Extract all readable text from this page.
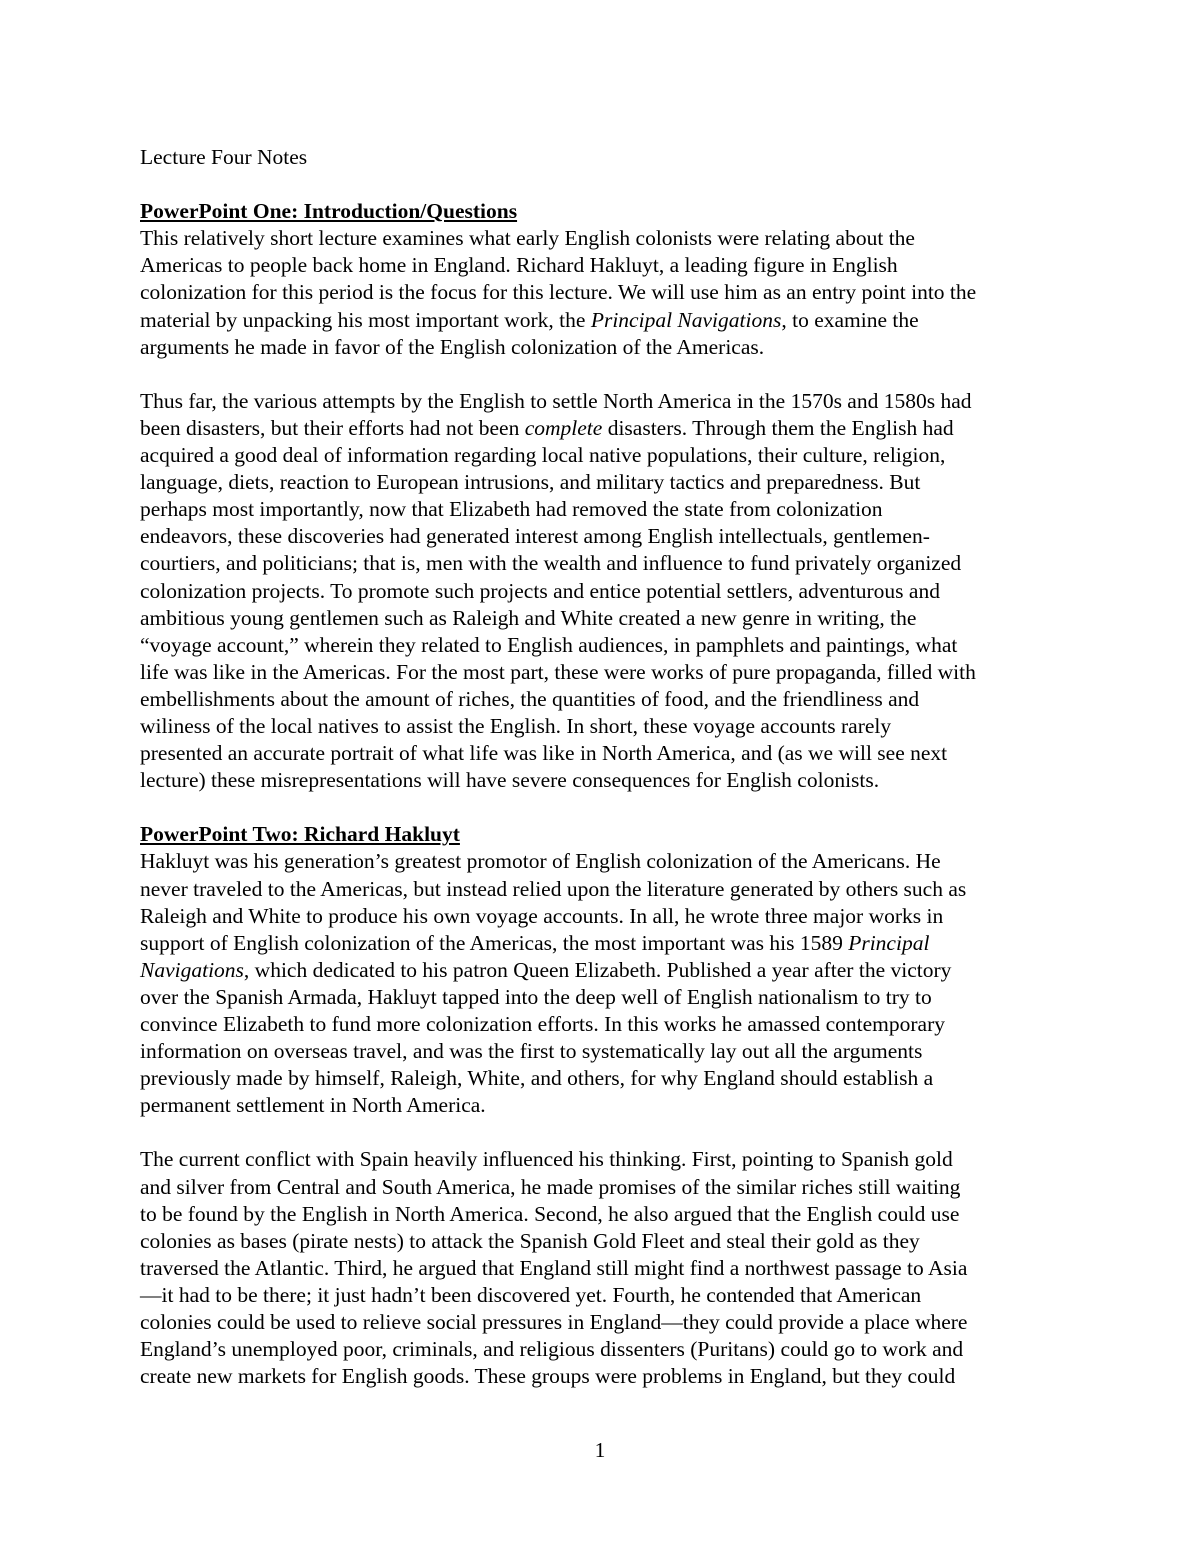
Lecture Four Notes

PowerPoint One: Introduction/Questions

This relatively short lecture examines what early English colonists were relating about the
Americas to people back home in England. Richard Hakluyt, a leading figure in English
colonization for this period is the focus for this lecture. We will use him as an entry point into the
material by unpacking his most important work, the Principal Navigations, to examine the
arguments he made in favor of the English colonization of the Americas.

Thus far, the various attempts by the English to settle North America in the 1570s and 1580s had
been disasters, but their efforts had not been complete disasters. Through them the English had
acquired a good deal of information regarding local native populations, their culture, religion,
language, diets, reaction to European intrusions, and military tactics and preparedness. But
perhaps most importantly, now that Elizabeth had removed the state from colonization
endeavors, these discoveries had generated interest among English intellectuals, gentlemen-
courtiers, and politicians; that is, men with the wealth and influence to fund privately organized
colonization projects. To promote such projects and entice potential settlers, adventurous and
ambitious young gentlemen such as Raleigh and White created a new genre in writing, the
“voyage account,” wherein they related to English audiences, in pamphlets and paintings, what
life was like in the Americas. For the most part, these were works of pure propaganda, filled with
embellishments about the amount of riches, the quantities of food, and the friendliness and
wiliness of the local natives to assist the English. In short, these voyage accounts rarely
presented an accurate portrait of what life was like in North America, and (as we will see next
lecture) these misrepresentations will have severe consequences for English colonists.

PowerPoint Two: Richard Hakluyt

Hakluyt was his generation’s greatest promotor of English colonization of the Americans. He
never traveled to the Americas, but instead relied upon the literature generated by others such as
Raleigh and White to produce his own voyage accounts. In all, he wrote three major works in
support of English colonization of the Americas, the most important was his 1589 Principal
Navigations, which dedicated to his patron Queen Elizabeth. Published a year after the victory
over the Spanish Armada, Hakluyt tapped into the deep well of English nationalism to try to
convince Elizabeth to fund more colonization efforts. In this works he amassed contemporary
information on overseas travel, and was the first to systematically lay out all the arguments
previously made by himself, Raleigh, White, and others, for why England should establish a
permanent settlement in North America.

The current conflict with Spain heavily influenced his thinking. First, pointing to Spanish gold
and silver from Central and South America, he made promises of the similar riches still waiting
to be found by the English in North America. Second, he also argued that the English could use
colonies as bases (pirate nests) to attack the Spanish Gold Fleet and steal their gold as they
traversed the Atlantic. Third, he argued that England still might find a northwest passage to Asia
—it had to be there; it just hadn’t been discovered yet. Fourth, he contended that American
colonies could be used to relieve social pressures in England—they could provide a place where
England’s unemployed poor, criminals, and religious dissenters (Puritans) could go to work and
create new markets for English goods. These groups were problems in England, but they could

1
